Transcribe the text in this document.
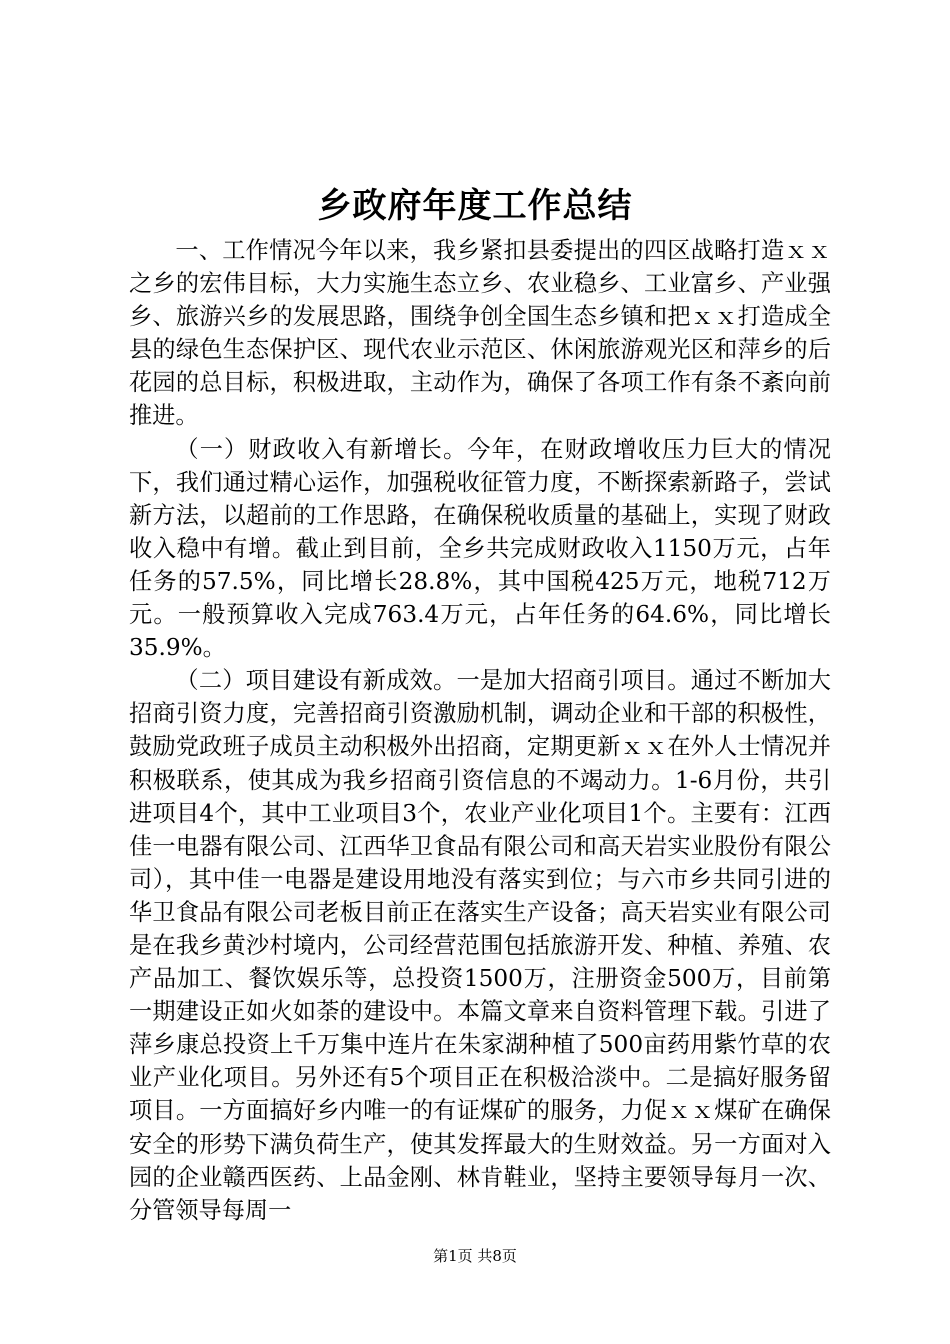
乡政府年度工作总结

一、工作情况今年以来，我乡紧扣县委提出的四区战略打造ｘｘ之乡的宏伟目标，大力实施生态立乡、农业稳乡、工业富乡、产业强乡、旅游兴乡的发展思路，围绕争创全国生态乡镇和把ｘｘ打造成全县的绿色生态保护区、现代农业示范区、休闲旅游观光区和萍乡的后花园的总目标，积极进取，主动作为，确保了各项工作有条不紊向前推进。

（一）财政收入有新增长。今年，在财政增收压力巨大的情况下，我们通过精心运作，加强税收征管力度，不断探索新路子，尝试新方法，以超前的工作思路，在确保税收质量的基础上，实现了财政收入稳中有增。截止到目前，全乡共完成财政收入1150万元，占年任务的57.5%，同比增长28.8%，其中国税425万元，地税712万元。一般预算收入完成763.4万元，占年任务的64.6%，同比增长35.9%。

（二）项目建设有新成效。一是加大招商引项目。通过不断加大招商引资力度，完善招商引资激励机制，调动企业和干部的积极性，鼓励党政班子成员主动积极外出招商，定期更新ｘｘ在外人士情况并积极联系，使其成为我乡招商引资信息的不竭动力。1-6月份，共引进项目4个，其中工业项目3个，农业产业化项目1个。主要有：江西佳一电器有限公司、江西华卫食品有限公司和高天岩实业股份有限公司），其中佳一电器是建设用地没有落实到位；与六市乡共同引进的华卫食品有限公司老板目前正在落实生产设备；高天岩实业有限公司是在我乡黄沙村境内，公司经营范围包括旅游开发、种植、养殖、农产品加工、餐饮娱乐等，总投资1500万，注册资金500万，目前第一期建设正如火如荼的建设中。本篇文章来自资料管理下载。引进了萍乡康总投资上千万集中连片在朱家湖种植了500亩药用紫竹草的农业产业化项目。另外还有5个项目正在积极洽淡中。二是搞好服务留项目。一方面搞好乡内唯一的有证煤矿的服务，力促ｘｘ煤矿在确保安全的形势下满负荷生产，使其发挥最大的生财效益。另一方面对入园的企业赣西医药、上品金刚、林肯鞋业，坚持主要领导每月一次、分管领导每周一

第1页 共8页
